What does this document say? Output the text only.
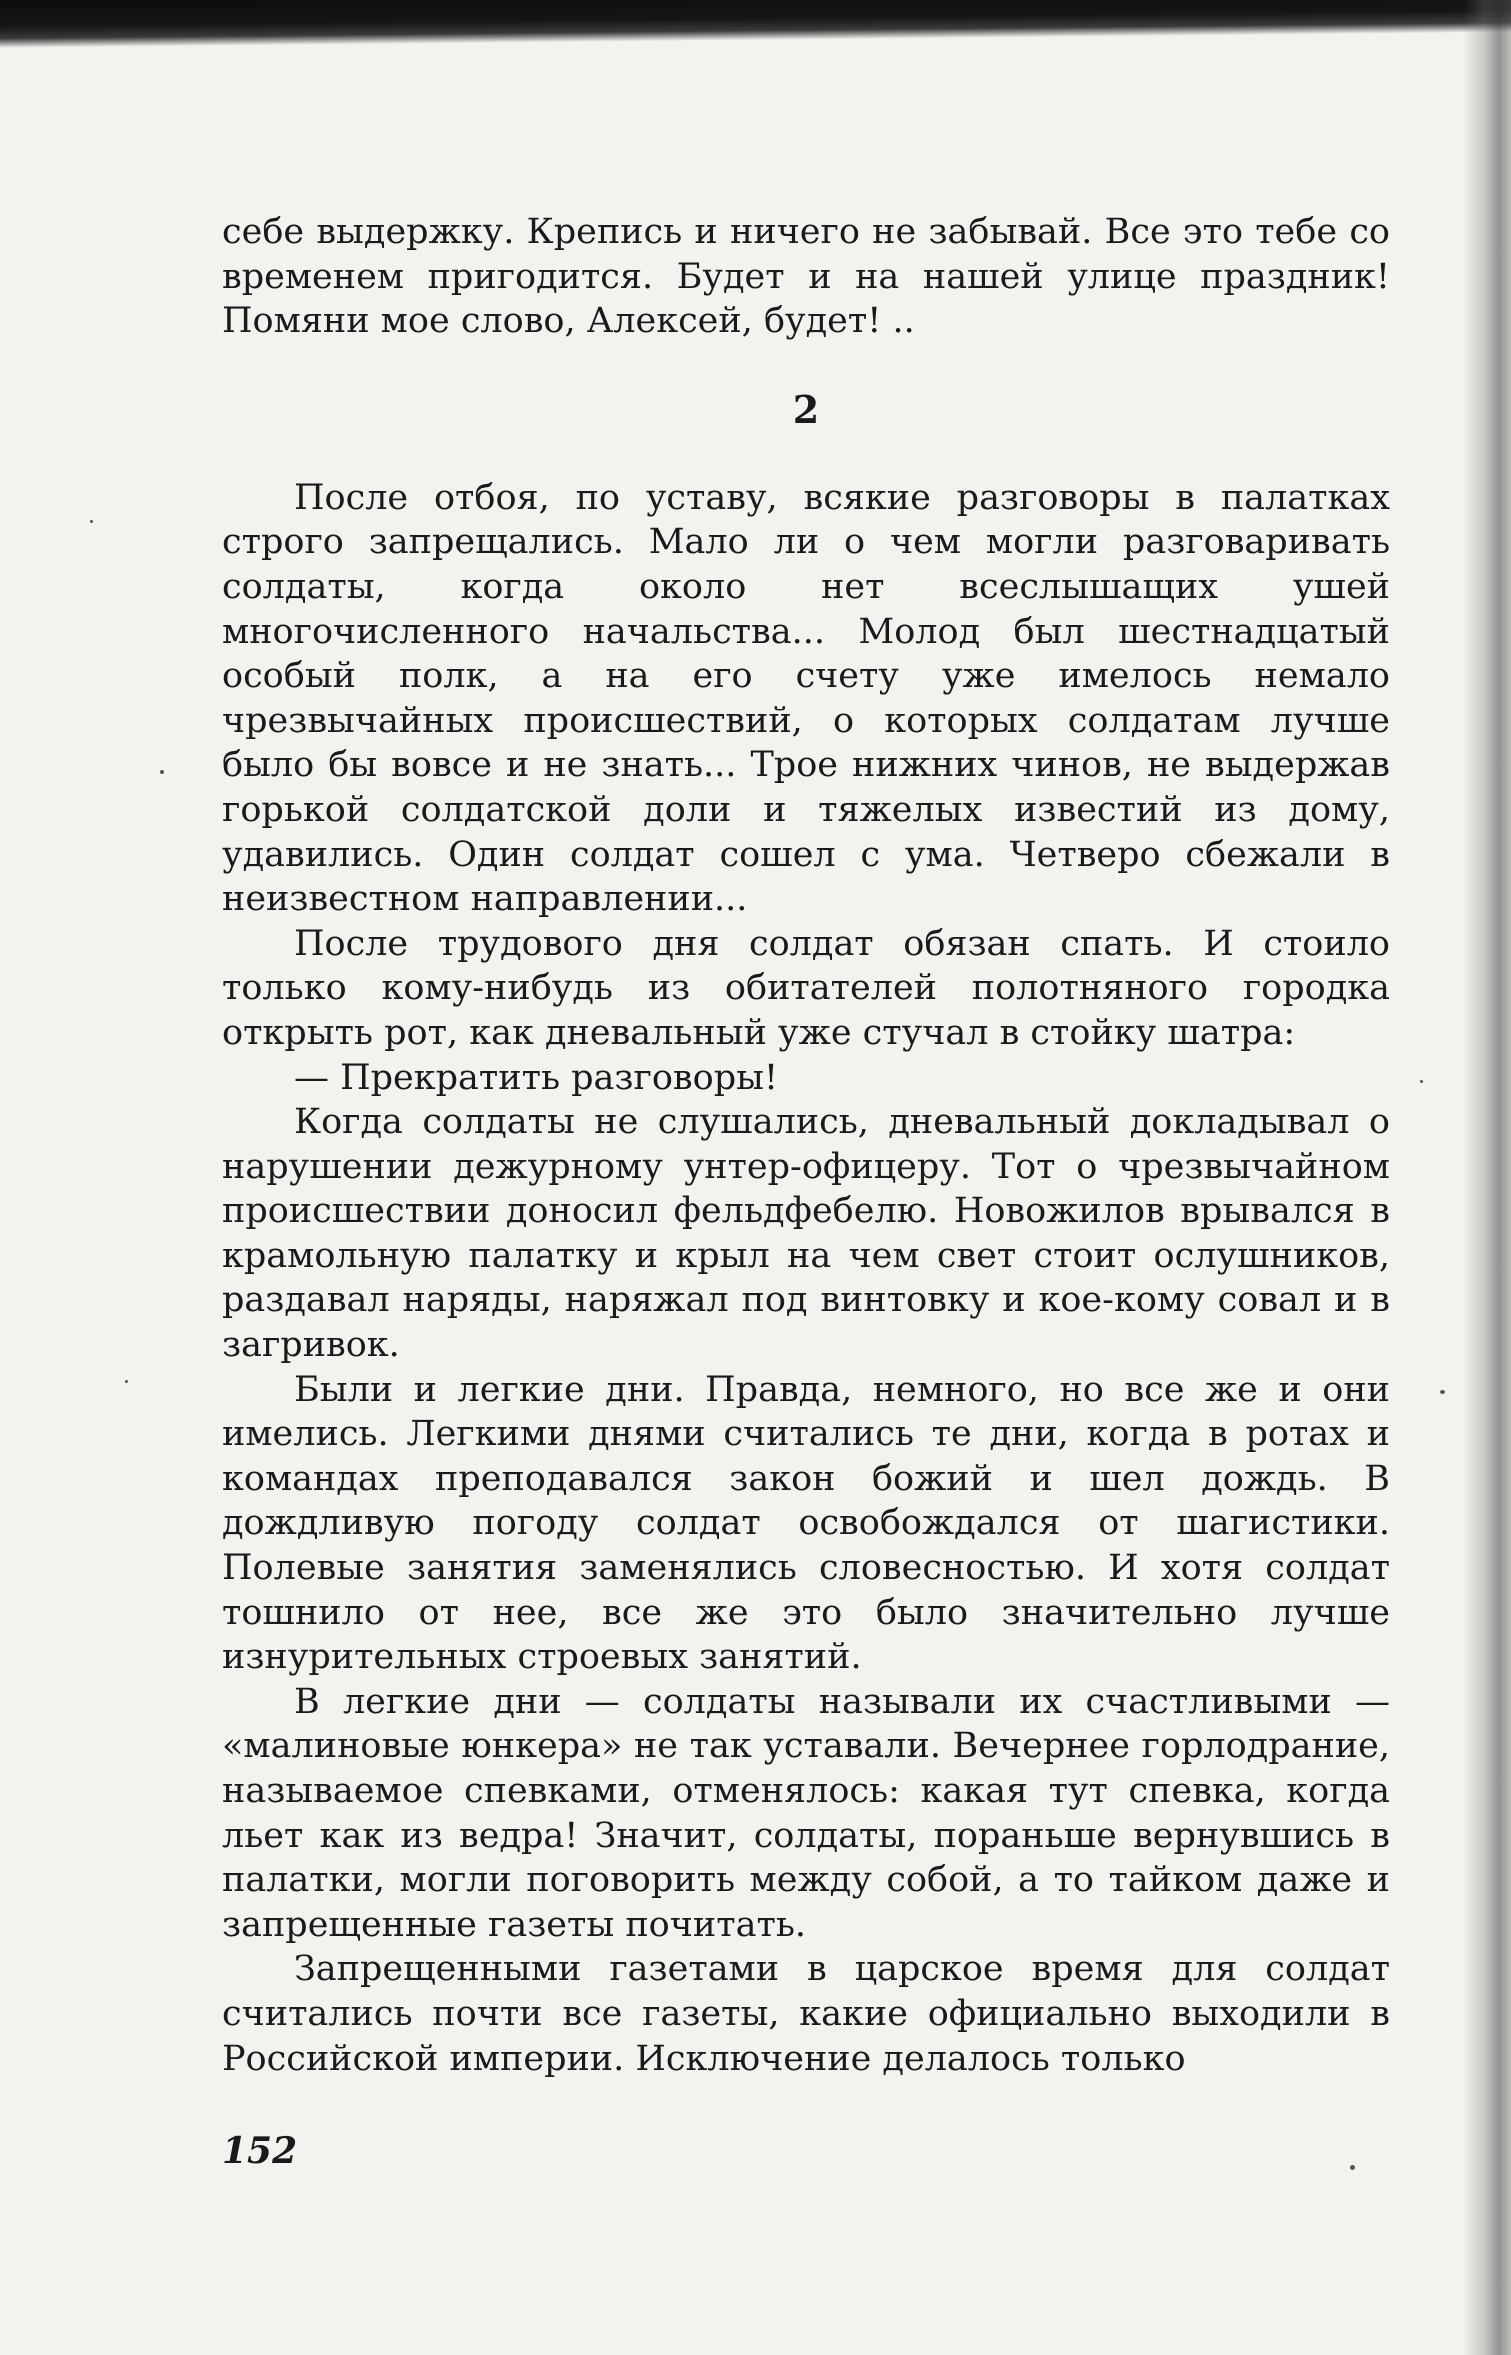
себе выдержку. Крепись и ничего не забывай. Все это тебе со временем пригодится. Будет и на нашей улице праздник! Помяни мое слово, Алексей, будет! ..

2

После отбоя, по уставу, всякие разговоры в палатках строго запрещались. Мало ли о чем могли разговаривать солдаты, когда около нет всеслышащих ушей многочисленного начальства... Молод был шестнадцатый особый полк, а на его счету уже имелось немало чрезвычайных происшествий, о которых солдатам лучше было бы вовсе и не знать... Трое нижних чинов, не выдержав горькой солдатской доли и тяжелых известий из дому, удавились. Один солдат сошел с ума. Четверо сбежали в неизвестном направлении...

После трудового дня солдат обязан спать. И стоило только кому-нибудь из обитателей полотняного городка открыть рот, как дневальный уже стучал в стойку шатра:

— Прекратить разговоры!

Когда солдаты не слушались, дневальный докладывал о нарушении дежурному унтер-офицеру. Тот о чрезвычайном происшествии доносил фельдфебелю. Новожилов врывался в крамольную палатку и крыл на чем свет стоит ослушников, раздавал наряды, наряжал под винтовку и кое-кому совал и в загривок.

Были и легкие дни. Правда, немного, но все же и они имелись. Легкими днями считались те дни, когда в ротах и командах преподавался закон божий и шел дождь. В дождливую погоду солдат освобождался от шагистики. Полевые занятия заменялись словесностью. И хотя солдат тошнило от нее, все же это было значительно лучше изнурительных строевых занятий.

В легкие дни — солдаты называли их счастливыми — «малиновые юнкера» не так уставали. Вечернее горлодрание, называемое спевками, отменялось: какая тут спевка, когда льет как из ведра! Значит, солдаты, пораньше вернувшись в палатки, могли поговорить между собой, а то тайком даже и запрещенные газеты почитать.

Запрещенными газетами в царское время для солдат считались почти все газеты, какие официально выходили в Российской империи. Исключение делалось только

152
